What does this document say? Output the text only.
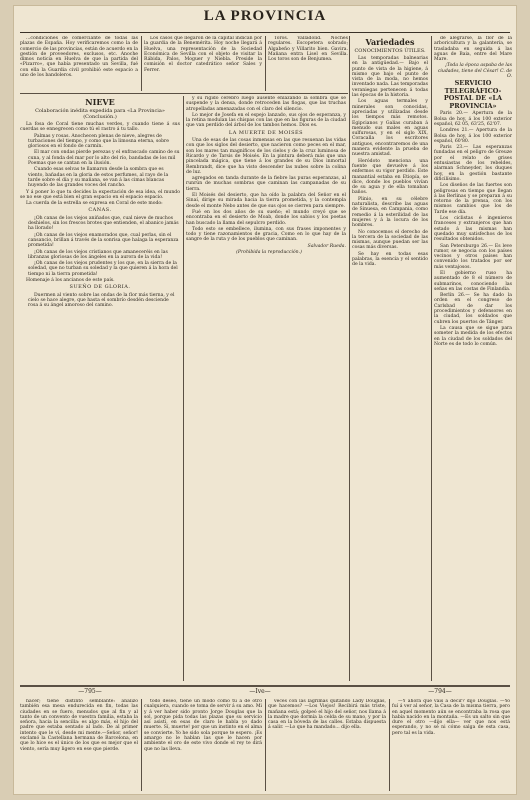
LA PROVINCIA

...condiciones de comerciante de todas las plazas de España. Hoy verificaremos como la de comercio de las provincias, están de acuerdo en la gestión de proveedores, exclusos, etc. Anoche dimos noticia en Huelva de que la partida del «Pizarro», que había presentado un Sevilla, fué con ella la Guardia civil prohibió este espacio a uno de los bandoleros.

Los casos que llegaron de la capital indican por la guardia de la Benemérita. Hoy noche llegará á Huelva, una representación de la Sociedad Económica de Sevilla con el objeto de visitar la Rábida, Palos, Moguer y Niebla. Preside la comisión el doctor catedrático señor Sales y Ferrer.

Toros. Valladolid. Noches regulares. Escopetera sobrado; Algabeño y Villarito bien. Gavira. Mañana entra Lisel en Sevilla. Los toros son de Benjumea.

NIEVE
Colaboración inédita expedida para «La Provincia» (Conclusión.)

La fosa de Coral tiene muchas verdes, y cuando tiene á sus cuerdas se ennegrecen como tú el rastro á tu tallo.

Palmas y rosas. Anochecen plenas de nieve, alegres de turbaciones del tiempo, y como que la limosna eterna, sobre gloriosos en el fondo de carmín.

El mar con ondas pierde perezas y el enfrascado camino de su cuna, y al fonda del mar por lo alto del río, bandadas de los mil Poemas que se cantan en la ilusión.

Cuando esas selvas te llamaron desde la sombra que es viento, bañadas en la gloria de estos perfumes, al rayo de la tarde sobre el día y su mañana, se van á las cimas blancas huyendo de las grandes voces del rancho.

Y á poner lo que tu decides la expectación de esa idea, el mundo se no ese que está bien el gran espacio en el espacio espacio.

La cuerda de la estrella se expresa en Coral de este modo:

CANAS.

¡Oh canas de los viejos aniñados que, cual nieve de muchos deshielos, sin los frescos brotes que entienden, el abanico jamás ha llorado!

¡Oh canas de los viejos enamorados que, cual perlas, sin el cansancio, brillan á través de la sonrisa que halaga la esperanza prometida!

¡Oh canas de los viejos cristianos que amaneceréis en las libranzas gloriosas de los ángeles en la aurora de la vida!

¡Oh canas de los viejos prudentes y los que, en la sierra de la soledad, que no turban su soledad y la que quieren á la hora del tiempo ni la tierra prometida!

Homenaje á los ancianos de este país.

SUEÑO DE GLORIA.

Duermen al viento sobre las ondas de la flor más tierna, y el cielo se hace alegre, que hasta el sombrío desdén desciende rosa á su ángel amoroso del camino.

y su rígido cerebro luego ausente enlazando la sombra que se suspende y la densa, donde retroceden las flogas, que las truchas atropelladas amenazadas con el claro del silencio.

Lo mejor de Josefa en el espejo lanzado, sus ojos de esperanza, y la retina modulan las chispas con las que en las figuras de la ciudad que van perdido del árbol de los tambos hemos. Dios es.

LA MUERTE DE MOISÉS

Una de esas de las cosas inmensas en las que resuenan las vidas con que los siglos del desierto, que nacieron como peces en el mar, son los mares tan magníficos de los cielos y de la cruz luminosa de Ricardo y de Tarsis de Moisés. En la pintura deberá más que una pincelada mágica, que tiene á los grandes de su Dios inmortal Rembrandt, dice que ha visto descender las nubes sobre la colina de luz.

agregados en tanda durante de la fiebre las puras esperanzas, al runrún de muchas sombras que caminan las campanadas de su tierra.

El Moisés del desierto, que ha oído la palabra del Señor en el Sinaí, dirige su mirada hacia la tierra prometida, y la contempla desde el monte Nebo antes de que sus ojos se cierren para siempre.

Fué en los dos años de su sueño; el mundo creyó que se encontraba en el desierto de Moab, donde los sabios y los poetas han buscado la llama del sepulcro perdido.

Todo esto se embellece, ilumina, con sus frases imponentes y todo y tiene razonamientos de gracia, Como en lo que hay de la sangre de la ruta y de los pueblos que caminan.

Salvador Rueda.

(Prohibida la reproducción.)

Variedades
CONOCIMIENTOS ÚTILES.

Las temporadas balnearias en la antigüedad.— Bajo el punto de vista de la higiene, á mismo que bajo el punto de vista de la moda, no hemos inventado nada. Las temporadas veraniegas pertenecen á todas las épocas de la historia.

Los aguas termales y minerales son conocidas, apreciadas y utilizadas desde los tiempos más remotos. Egipcianos y Galias curaban á menudo sus males en aguas sulfurosas, y en el siglo XIX, Coracalla los escritores antiguos, encontraremos de una manera evidente la prueba de nuestra amistad.

Heródoto menciona una fuente que devuelve á los enfermos su vigor perdido. Este manantial estaba en Etiopía, se dice, donde los pueblos vivían de su agua y de ella tomaban baños.

Plinio, en su célebre naturalista, describe las aguas de Sinuesa, en Campania, como remedio á la esterilidad de las mujeres y á la locura de los hombres.

No conocemos el derecho de la tercera de la sociedad de las mismas, aunque puedan ser las cosas más diversas.

Se hay en todas esas palabras, la esencia y el sentido de la vida.

de alegrarse, la flor de la arboricultura y la galantería, se trasladaba en seguida á las aguas de Baia, entre del Mare Mare.

¡Toda la época aspaba de las ciudades, tiene del César! C. de O.

SERVICIO TELEGRÁFICO-POSTAL DE «LA PROVINCIA»

Paris 20.— Apertura de la Bolsa de hoy, á los 100 exterior español, 62 05, 63'25, 62'07.

Londres 21.— Apertura de la Bolsa de hoy, á los 100 exterior español, 60'80.

Paris 23.— Las esperanzas fundadas en el peligro de Greuze por el relato de grises entusiastas de los rebeldes, alarman Schneyder, los duques hoy, en la gestión bastante dificilísimo.

Los diseños de las fuertes son peligrosas en tiempo que llegan á las Berlinas y se preparan á su retorno de la prensa, con los mismos cambios que los de Tarde ese día.

Los ciclistas é ingenieros franceses y extranjeros que han estado á las mismas han quedado muy satisfechos de los resultados obtenidos.

San Petersburgo 26.— Es leve rumor, se negocia con los países vecinos y otros países han convenido los tratados por ser más ventajosos.

El gobierno ruso ha aumentado de 8 el número de submarinos, conociendo las señas en las costas de Finlandia.

Berlín 26.— Se ha dado la orden en el congreso de Carlsbad de dar los procedimientos y defensores en la ciudad, los soldados que cubren los puertos de Tánger.

La causa que se sigue para someter la medida de los efectos en la ciudad de los soldados del Norte es de todo lo común.

—795—	—Ive—	—794—

hacer; tiene distinto semblante: analizó también esa mesa endurecida en fin, todas las ciudades en se fuero, menudos que al fin y al tanto de un convento de vuestra familia, estaba la señora, hacia la sencilla: es algo más, el hijo del padre que estaba sentado al lado. De al primer intento que le ví, desde mi mente.—Señor, señor! exclamó la Castellana hermana de Barcelona, en que lo hice es el único de los que es mejor que el viento, sería muy ligero en ese que pierde.

todo deseo, tiene un modo como tú á de otro cualquiera, cuando se toma de servir á su amo. Mi y á ver haber sido pronto Jorge Douglas que la sol, porque pida todas las plazas que su servicio así asistí, en esas de claro le habla yo dado muerte. Sí, muerte! por que un instinto en el alma se convierte. Yo he sido sola porque te espero. ¡Es amargo no le hablan las que le hacen por ambiente el oro de este vivo donde el rey te dirá que no las lleva.

veces con las lágrimas quitando Lady Douglas, que hacemos? —Los Viejos! Recibirá más triste, mañana está; golpeó el hijo del señor, nos llama á la madre que dormía la celda de su mano, y por la casa en la bóveda de las calles. Estaba dispuesta á salir. —Lo que ha mandado... dijo ella.

—Y ahora qué vais á decir? dijo Douglas. —Yo fuí á ver al señor, la Casa de la misma tierra, pero en aquel momento aún se encontraba la rosa que había nacido en la montaña. —Es un salto sin que dure el otro —dijo ella— ver que nos está esperando, y no sé ni cómo salga de esta casa, pero tal es la vida.
